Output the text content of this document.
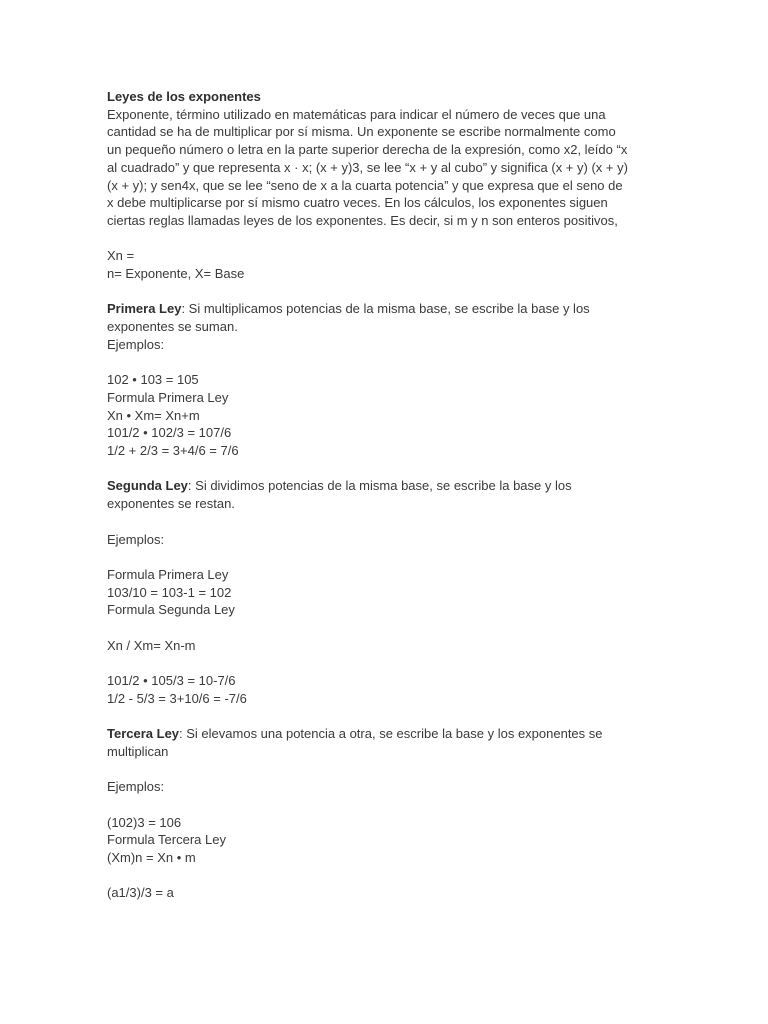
Leyes de los exponentes
Exponente, término utilizado en matemáticas para indicar el número de veces que una
cantidad se ha de multiplicar por sí misma. Un exponente se escribe normalmente como
un pequeño número o letra en la parte superior derecha de la expresión, como x2, leído “x
al cuadrado” y que representa x · x; (x + y)3, se lee “x + y al cubo” y significa (x + y) (x + y)
(x + y); y sen4x, que se lee “seno de x a la cuarta potencia” y que expresa que el seno de
x debe multiplicarse por sí mismo cuatro veces. En los cálculos, los exponentes siguen
ciertas reglas llamadas leyes de los exponentes. Es decir, si m y n son enteros positivos,
Xn =
n= Exponente, X= Base
Primera Ley: Si multiplicamos potencias de la misma base, se escribe la base y los
exponentes se suman.
Ejemplos:
102 • 103 = 105
Formula Primera Ley
Xn • Xm= Xn+m
101/2 • 102/3 = 107/6
1/2 + 2/3 = 3+4/6 = 7/6
Segunda Ley: Si dividimos potencias de la misma base, se escribe la base y los
exponentes se restan.
Ejemplos:
Formula Primera Ley
103/10 = 103-1 = 102
Formula Segunda Ley
Xn / Xm= Xn-m
101/2 • 105/3 = 10-7/6
1/2 - 5/3 = 3+10/6 = -7/6
Tercera Ley: Si elevamos una potencia a otra, se escribe la base y los exponentes se
multiplican
Ejemplos:
(102)3 = 106
Formula Tercera Ley
(Xm)n = Xn • m
(a1/3)/3 = a
